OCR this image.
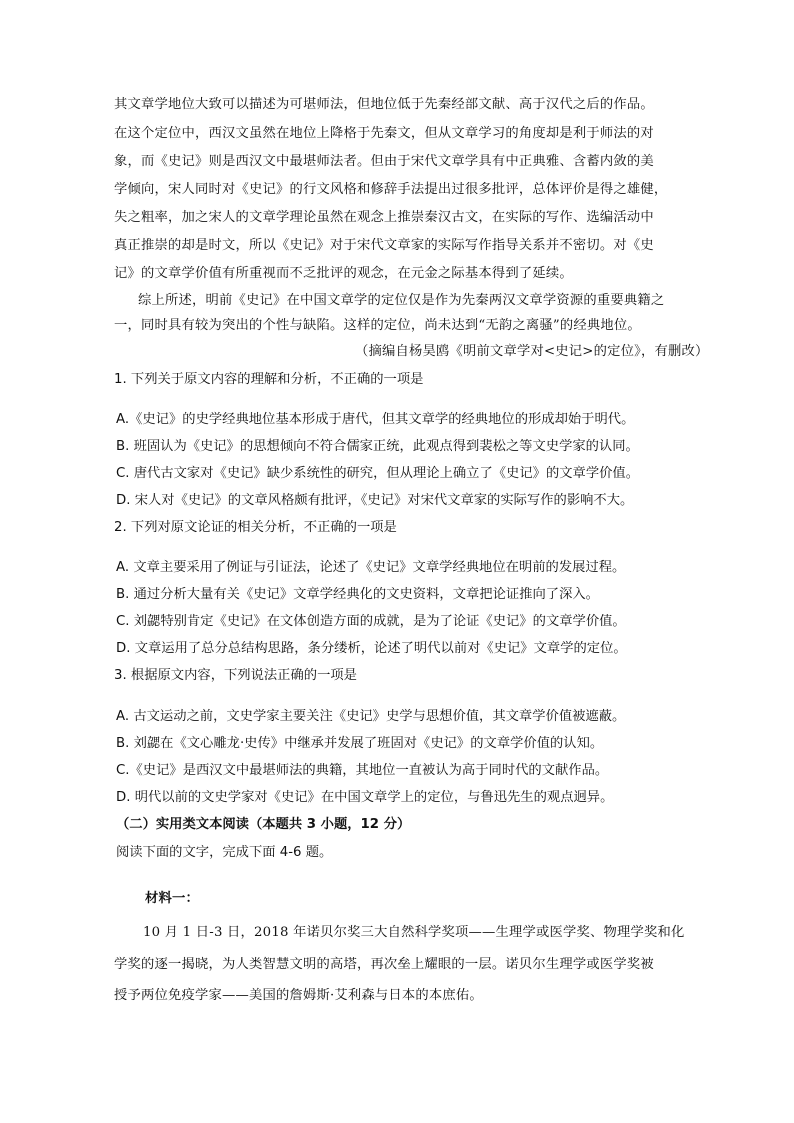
其文章学地位大致可以描述为可堪师法，但地位低于先秦经部文献、高于汉代之后的作品。
在这个定位中，西汉文虽然在地位上降格于先秦文，但从文章学习的角度却是利于师法的对
象，而《史记》则是西汉文中最堪师法者。但由于宋代文章学具有中正典雅、含蓄内敛的美
学倾向，宋人同时对《史记》的行文风格和修辞手法提出过很多批评，总体评价是得之雄健，
失之粗率，加之宋人的文章学理论虽然在观念上推崇秦汉古文，在实际的写作、选编活动中
真正推崇的却是时文，所以《史记》对于宋代文章家的实际写作指导关系并不密切。对《史
记》的文章学价值有所重视而不乏批评的观念，在元金之际基本得到了延续。
综上所述，明前《史记》在中国文章学的定位仅是作为先秦两汉文章学资源的重要典籍之
一，同时具有较为突出的个性与缺陷。这样的定位，尚未达到“无韵之离骚”的经典地位。
（摘编自杨昊鸥《明前文章学对<史记>的定位》，有删改）
1. 下列关于原文内容的理解和分析，不正确的一项是
A.《史记》的史学经典地位基本形成于唐代，但其文章学的经典地位的形成却始于明代。
B. 班固认为《史记》的思想倾向不符合儒家正统，此观点得到裴松之等文史学家的认同。
C. 唐代古文家对《史记》缺少系统性的研究，但从理论上确立了《史记》的文章学价值。
D. 宋人对《史记》的文章风格颇有批评，《史记》对宋代文章家的实际写作的影响不大。
2. 下列对原文论证的相关分析，不正确的一项是
A. 文章主要采用了例证与引证法，论述了《史记》文章学经典地位在明前的发展过程。
B. 通过分析大量有关《史记》文章学经典化的文史资料，文章把论证推向了深入。
C. 刘勰特别肯定《史记》在文体创造方面的成就，是为了论证《史记》的文章学价值。
D. 文章运用了总分总结构思路，条分缕析，论述了明代以前对《史记》文章学的定位。
3. 根据原文内容，下列说法正确的一项是
A. 古文运动之前，文史学家主要关注《史记》史学与思想价值，其文章学价值被遮蔽。
B. 刘勰在《文心雕龙·史传》中继承并发展了班固对《史记》的文章学价值的认知。
C.《史记》是西汉文中最堪师法的典籍，其地位一直被认为高于同时代的文献作品。
D. 明代以前的文史学家对《史记》在中国文章学上的定位，与鲁迅先生的观点迥异。
（二）实用类文本阅读（本题共 3 小题，12 分）
阅读下面的文字，完成下面 4-6 题。
材料一：
10 月 1 日-3 日，2018 年诺贝尔奖三大自然科学奖项——生理学或医学奖、物理学奖和化
学奖的逐一揭晓，为人类智慧文明的高塔，再次垒上耀眼的一层。诺贝尔生理学或医学奖被
授予两位免疫学家——美国的詹姆斯·艾利森与日本的本庶佑。
